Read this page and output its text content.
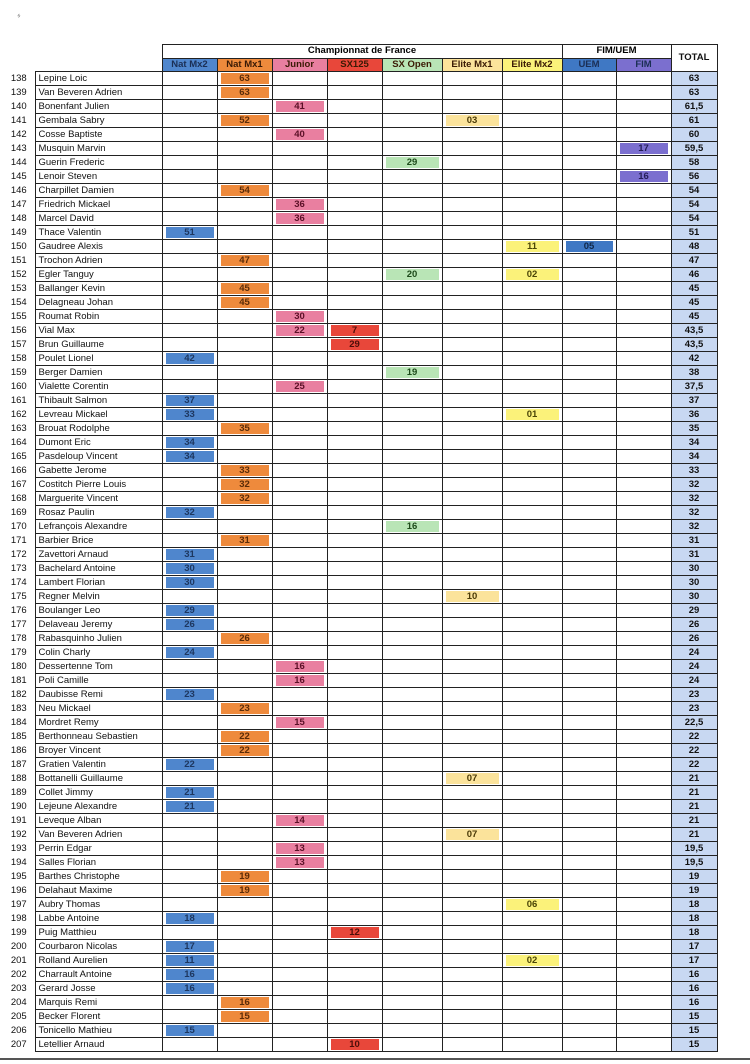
⸗
		Championnat de France							FIM/UEM		TOTAL
		Nat Mx2	Nat Mx1	Junior	SX125	SX Open	Elite Mx1	Elite Mx2	UEM	FIM	
138	Lepine Loic		63								63
139	Van Beveren Adrien		63								63
140	Bonenfant Julien			41							61,5
141	Gembala Sabry		52				03				61
142	Cosse Baptiste			40							60
143	Musquin Marvin									17	59,5
144	Guerin Frederic					29					58
145	Lenoir Steven									16	56
146	Charpillet Damien		54								54
147	Friedrich Mickael			36							54
148	Marcel David			36							54
149	Thace Valentin	51									51
150	Gaudree Alexis							11	05		48
151	Trochon Adrien		47								47
152	Egler Tanguy					20		02			46
153	Ballanger Kevin		45								45
154	Delagneau Johan		45								45
155	Roumat Robin			30							45
156	Vial Max			22	7						43,5
157	Brun Guillaume				29						43,5
158	Poulet Lionel	42									42
159	Berger Damien					19					38
160	Vialette Corentin			25							37,5
161	Thibault Salmon	37									37
162	Levreau Mickael	33						01			36
163	Brouat Rodolphe		35								35
164	Dumont Eric	34									34
165	Pasdeloup Vincent	34									34
166	Gabette Jerome		33								33
167	Costitch Pierre Louis		32								32
168	Marguerite Vincent		32								32
169	Rosaz Paulin	32									32
170	Lefrançois Alexandre					16					32
171	Barbier Brice		31								31
172	Zavettori Arnaud	31									31
173	Bachelard Antoine	30									30
174	Lambert Florian	30									30
175	Regner Melvin						10				30
176	Boulanger Leo	29									29
177	Delaveau Jeremy	26									26
178	Rabasquinho Julien		26								26
179	Colin Charly	24									24
180	Dessertenne Tom			16							24
181	Poli Camille			16							24
182	Daubisse Remi	23									23
183	Neu Mickael		23								23
184	Mordret Remy			15							22,5
185	Berthonneau Sebastien		22								22
186	Broyer Vincent		22								22
187	Gratien Valentin	22									22
188	Bottanelli Guillaume						07				21
189	Collet Jimmy	21									21
190	Lejeune Alexandre	21									21
191	Leveque Alban			14							21
192	Van Beveren Adrien						07				21
193	Perrin Edgar			13							19,5
194	Salles Florian			13							19,5
195	Barthes Christophe		19								19
196	Delahaut Maxime		19								19
197	Aubry Thomas							06			18
198	Labbe Antoine	18									18
199	Puig Matthieu				12						18
200	Courbaron Nicolas	17									17
201	Rolland Aurelien	11						02			17
202	Charrault Antoine	16									16
203	Gerard Josse	16									16
204	Marquis Remi		16								16
205	Becker Florent		15								15
206	Tonicello Mathieu	15									15
207	Letellier Arnaud				10						15
